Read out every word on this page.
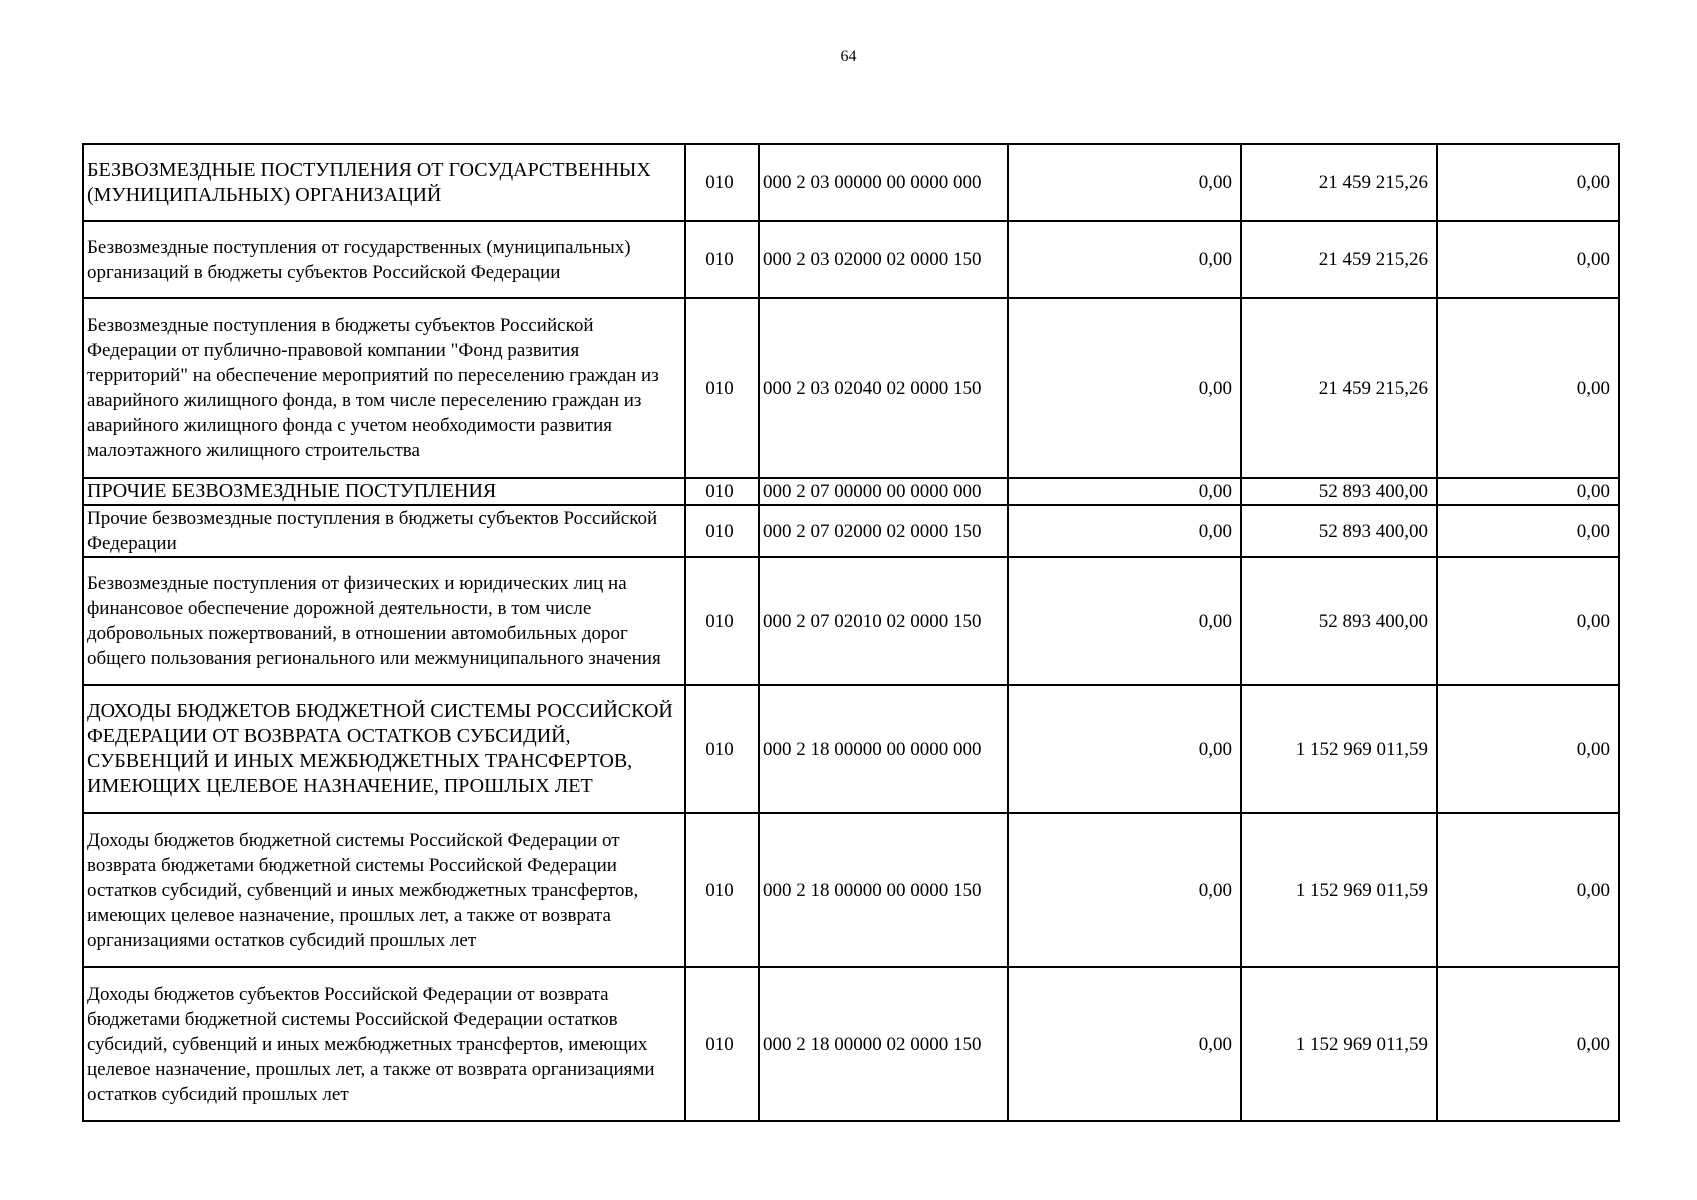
64
БЕЗВОЗМЕЗДНЫЕ ПОСТУПЛЕНИЯ ОТ ГОСУДАРСТВЕННЫХ (МУНИЦИПАЛЬНЫХ) ОРГАНИЗАЦИЙ	010	000 2 03 00000 00 0000 000	0,00	21 459 215,26	0,00
Безвозмездные поступления от государственных (муниципальных) организаций в бюджеты субъектов Российской Федерации	010	000 2 03 02000 02 0000 150	0,00	21 459 215,26	0,00
Безвозмездные поступления в бюджеты субъектов Российской Федерации от публично-правовой компании "Фонд развития территорий" на обеспечение мероприятий по переселению граждан из аварийного жилищного фонда, в том числе переселению граждан из аварийного жилищного фонда с учетом необходимости развития малоэтажного жилищного строительства	010	000 2 03 02040 02 0000 150	0,00	21 459 215,26	0,00
ПРОЧИЕ БЕЗВОЗМЕЗДНЫЕ ПОСТУПЛЕНИЯ	010	000 2 07 00000 00 0000 000	0,00	52 893 400,00	0,00
Прочие безвозмездные поступления в бюджеты субъектов Российской Федерации	010	000 2 07 02000 02 0000 150	0,00	52 893 400,00	0,00
Безвозмездные поступления от физических и юридических лиц на финансовое обеспечение дорожной деятельности, в том числе добровольных пожертвований, в отношении автомобильных дорог общего пользования регионального или межмуниципального значения	010	000 2 07 02010 02 0000 150	0,00	52 893 400,00	0,00
ДОХОДЫ БЮДЖЕТОВ БЮДЖЕТНОЙ СИСТЕМЫ РОССИЙСКОЙ ФЕДЕРАЦИИ ОТ ВОЗВРАТА ОСТАТКОВ СУБСИДИЙ, СУБВЕНЦИЙ И ИНЫХ МЕЖБЮДЖЕТНЫХ ТРАНСФЕРТОВ, ИМЕЮЩИХ ЦЕЛЕВОЕ НАЗНАЧЕНИЕ, ПРОШЛЫХ ЛЕТ	010	000 2 18 00000 00 0000 000	0,00	1 152 969 011,59	0,00
Доходы бюджетов бюджетной системы Российской Федерации от возврата бюджетами бюджетной системы Российской Федерации остатков субсидий, субвенций и иных межбюджетных трансфертов, имеющих целевое назначение, прошлых лет, а также от возврата организациями остатков субсидий прошлых лет	010	000 2 18 00000 00 0000 150	0,00	1 152 969 011,59	0,00
Доходы бюджетов субъектов Российской Федерации от возврата бюджетами бюджетной системы Российской Федерации остатков субсидий, субвенций и иных межбюджетных трансфертов, имеющих целевое назначение, прошлых лет, а также от возврата организациями остатков субсидий прошлых лет	010	000 2 18 00000 02 0000 150	0,00	1 152 969 011,59	0,00
